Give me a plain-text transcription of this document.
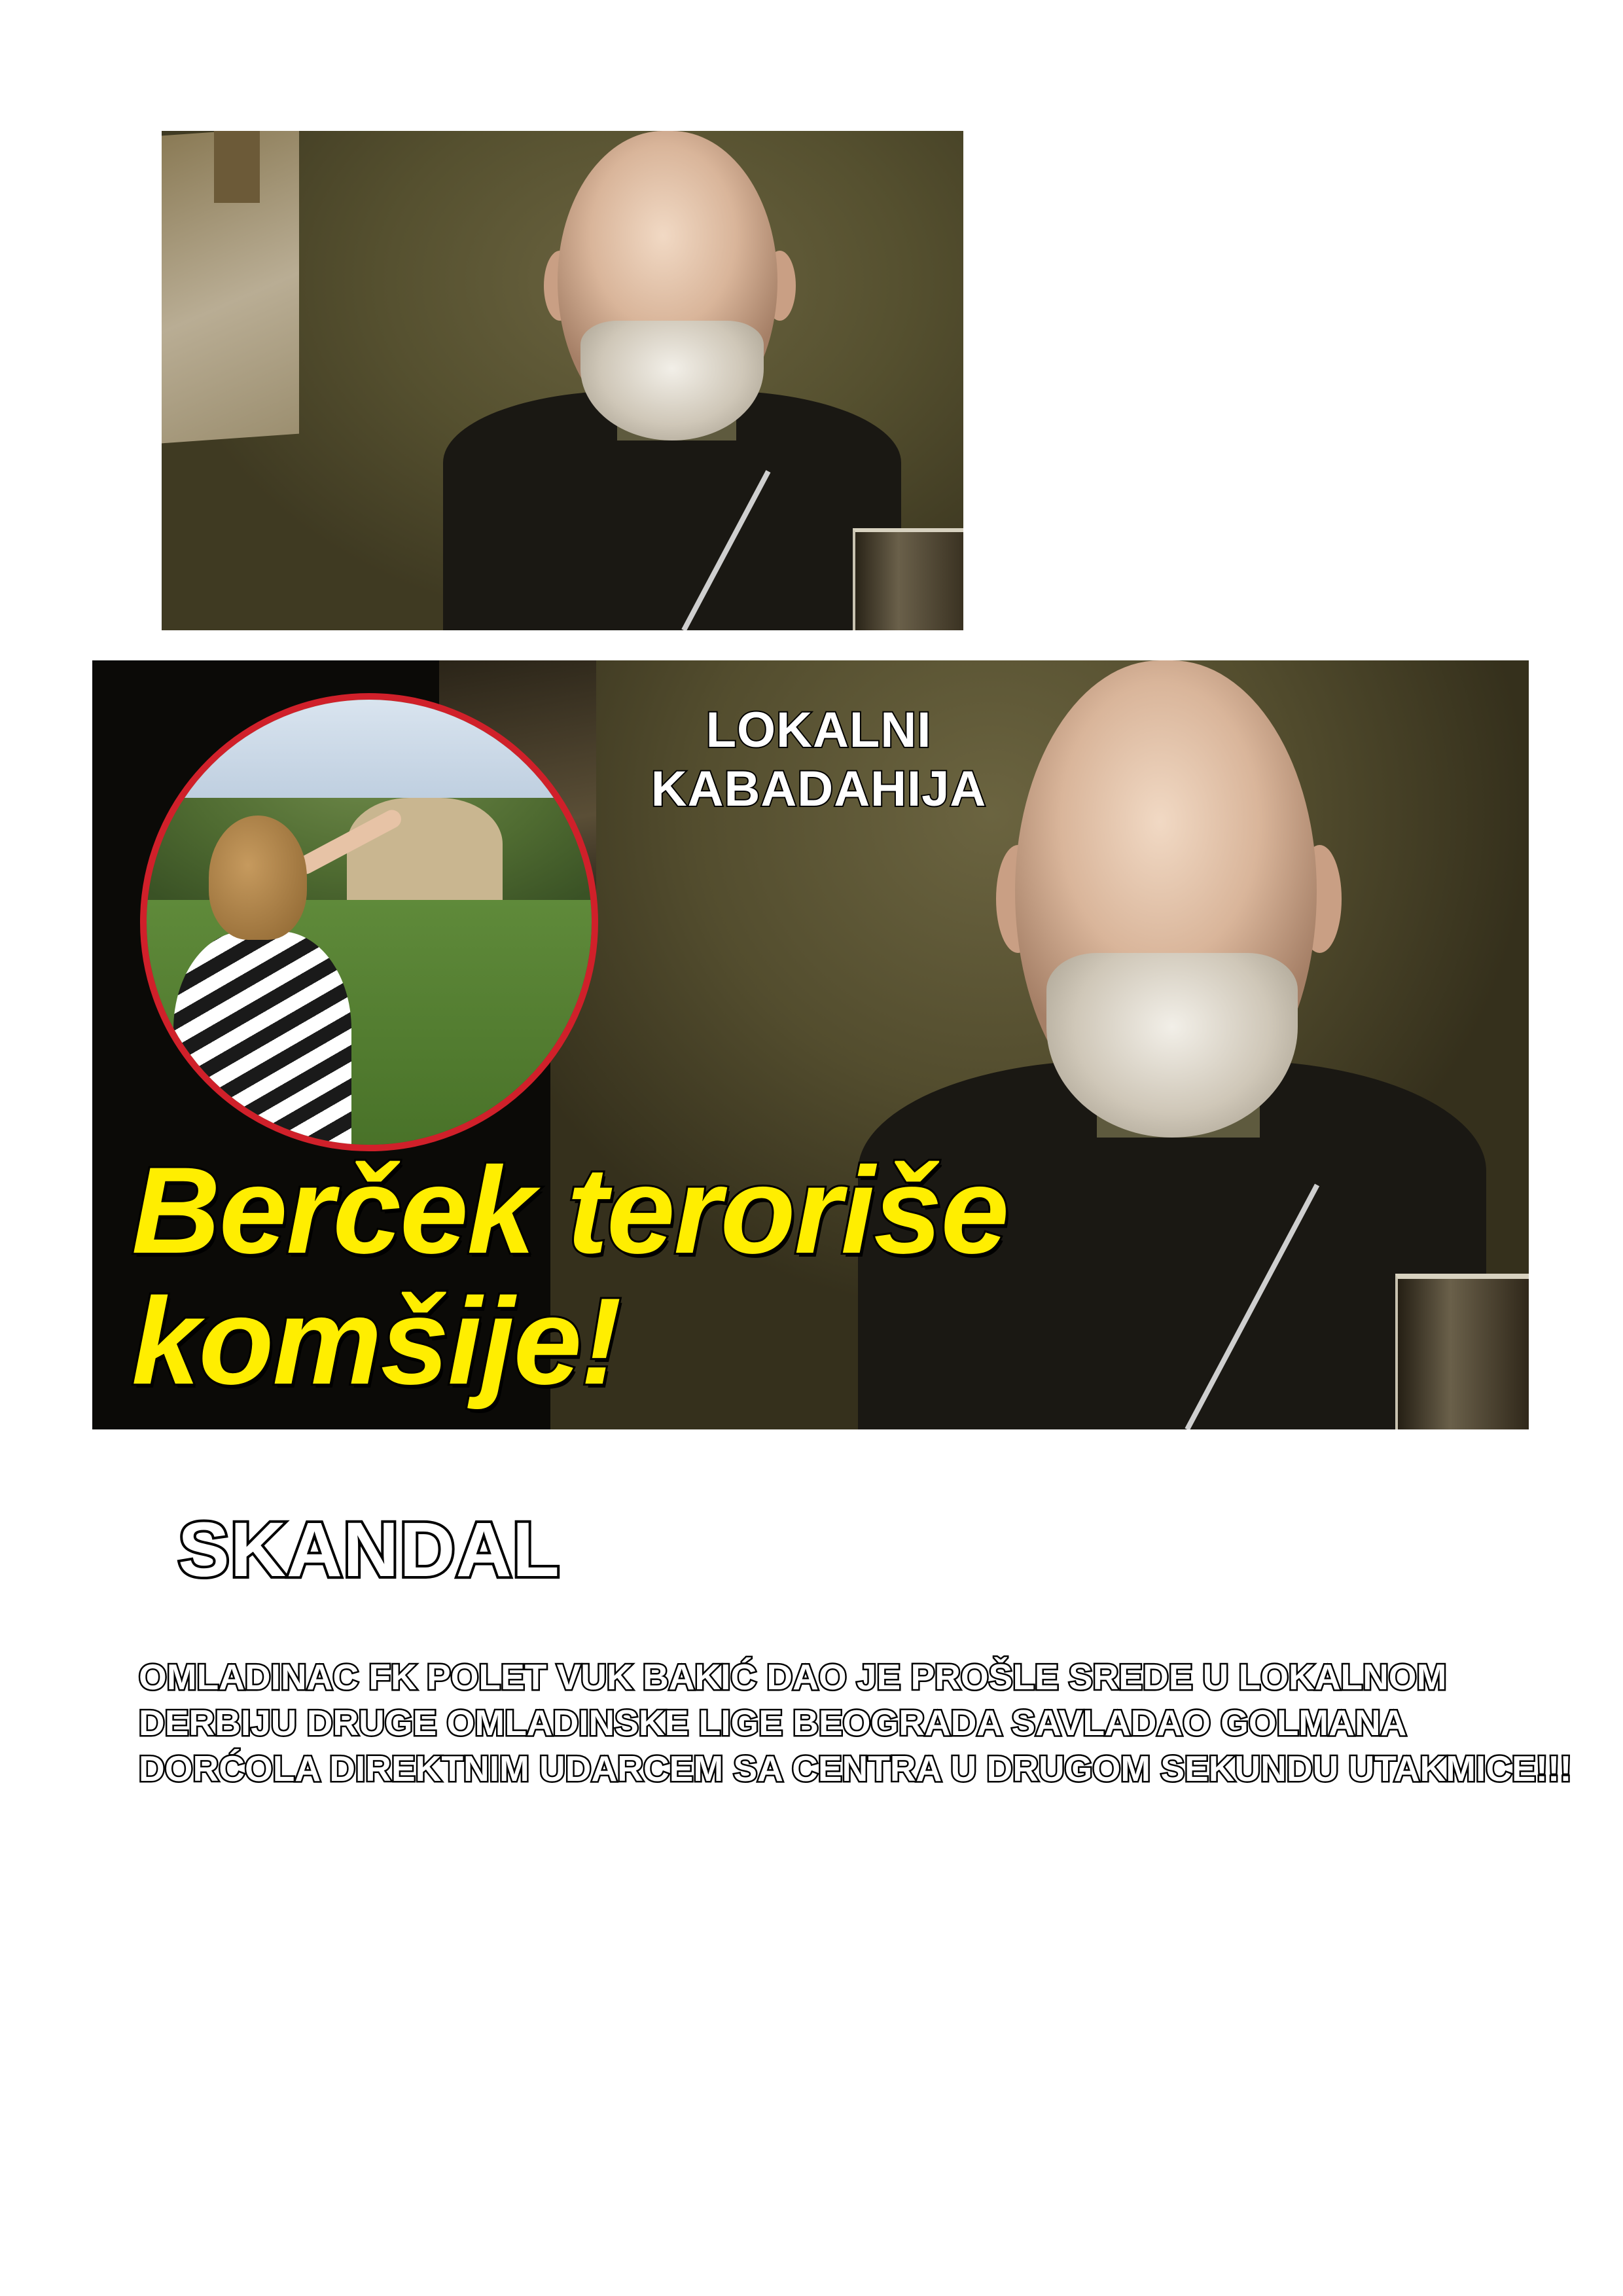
LOKALNI
KABADAHIJA
Berček teroriše
komšije!
SKANDAL
OMLADINAC FK POLET VUK BAKIĆ DAO JE PROŠLE SREDE U LOKALNOM
DERBIJU DRUGE OMLADINSKE LIGE BEOGRADA SAVLADAO GOLMANA
DORĆOLA DIREKTNIM UDARCEM SA CENTRA U DRUGOM SEKUNDU UTAKMICE!!!
